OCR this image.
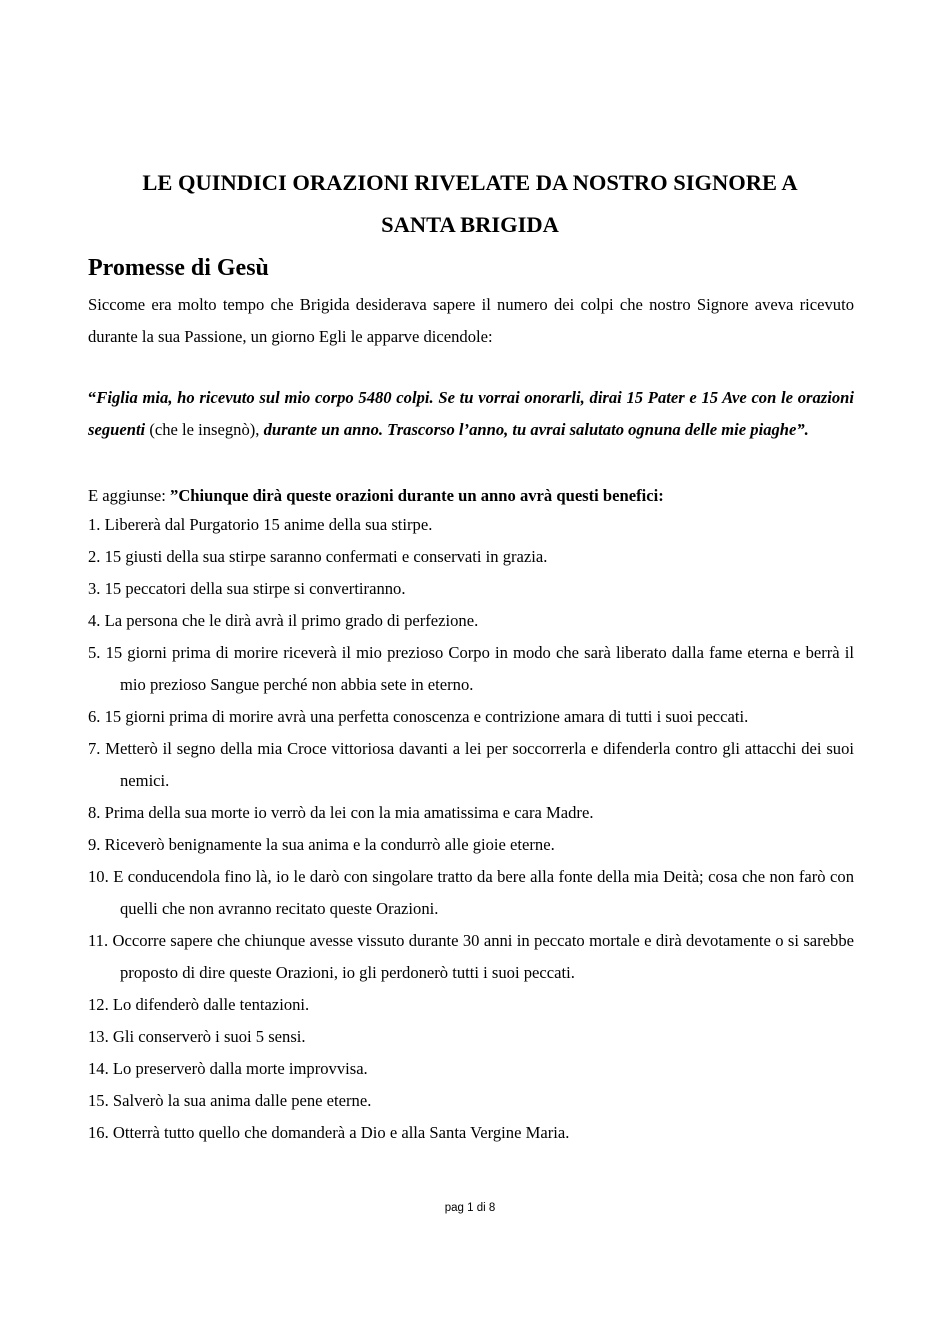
LE QUINDICI ORAZIONI RIVELATE DA NOSTRO SIGNORE A
SANTA BRIGIDA
Promesse di Gesù

Siccome era molto tempo che Brigida desiderava sapere il numero dei colpi che nostro Signore aveva ricevuto durante la sua Passione, un giorno Egli le apparve dicendole:

“Figlia mia, ho ricevuto sul mio corpo 5480 colpi. Se tu vorrai onorarli, dirai 15 Pater e 15 Ave con le orazioni seguenti (che le insegnò), durante un anno. Trascorso l’anno, tu avrai salutato ognuna delle mie piaghe”.

E aggiunse: ”Chiunque dirà queste orazioni durante un anno avrà questi benefici:

1. Libererà dal Purgatorio 15 anime della sua stirpe.
2. 15 giusti della sua stirpe saranno confermati e conservati in grazia.
3. 15 peccatori della sua stirpe si convertiranno.
4. La persona che le dirà avrà il primo grado di perfezione.
5. 15 giorni prima di morire riceverà il mio prezioso Corpo in modo che sarà liberato dalla fame eterna e berrà il mio prezioso Sangue perché non abbia sete in eterno.
6. 15 giorni prima di morire avrà una perfetta conoscenza e contrizione amara di tutti i suoi peccati.
7. Metterò il segno della mia Croce vittoriosa davanti a lei per soccorrerla e difenderla contro gli attacchi dei suoi nemici.
8. Prima della sua morte io verrò da lei con la mia amatissima e cara Madre.
9. Riceverò benignamente la sua anima e la condurrò alle gioie eterne.
10. E conducendola fino là, io le darò con singolare tratto da bere alla fonte della mia Deità; cosa che non farò con quelli che non avranno recitato queste Orazioni.
11. Occorre sapere che chiunque avesse vissuto durante 30 anni in peccato mortale e dirà devotamente o si sarebbe proposto di dire queste Orazioni, io gli perdonerò tutti i suoi peccati.
12. Lo difenderò dalle tentazioni.
13. Gli conserverò i suoi 5 sensi.
14. Lo preserverò dalla morte improvvisa.
15. Salverò la sua anima dalle pene eterne.
16. Otterrà tutto quello che domanderà a Dio e alla Santa Vergine Maria.
pag 1 di 8
